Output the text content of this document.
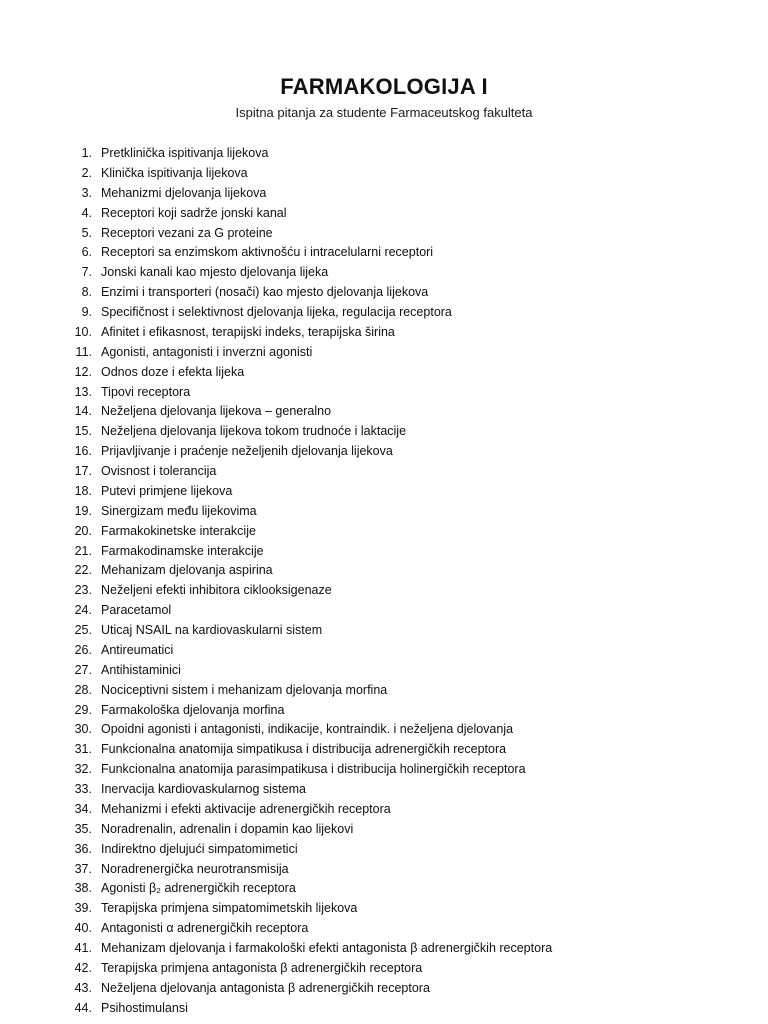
FARMAKOLOGIJA I
Ispitna pitanja za studente Farmaceutskog fakulteta
1. Pretklinička ispitivanja lijekova
2. Klinička ispitivanja lijekova
3. Mehanizmi djelovanja lijekova
4. Receptori koji sadrže jonski kanal
5. Receptori vezani za G proteine
6. Receptori sa enzimskom aktivnošću i intracelularni receptori
7. Jonski kanali kao mjesto djelovanja lijeka
8. Enzimi i transporteri (nosači) kao mjesto djelovanja lijekova
9. Specifičnost i selektivnost djelovanja lijeka, regulacija receptora
10. Afinitet i efikasnost, terapijski indeks, terapijska širina
11. Agonisti, antagonisti i inverzni agonisti
12. Odnos doze i efekta lijeka
13. Tipovi receptora
14. Neželjena djelovanja lijekova – generalno
15. Neželjena djelovanja lijekova tokom trudnoće i laktacije
16. Prijavljivanje i praćenje neželjenih djelovanja lijekova
17. Ovisnost i tolerancija
18. Putevi primjene lijekova
19. Sinergizam među lijekovima
20. Farmakokinetske interakcije
21. Farmakodinamske interakcije
22. Mehanizam djelovanja aspirina
23. Neželjeni efekti inhibitora ciklooksigenaze
24. Paracetamol
25. Uticaj NSAIL na kardiovaskularni sistem
26. Antireumatici
27. Antihistaminici
28. Nociceptivni sistem i mehanizam djelovanja morfina
29. Farmakološka djelovanja morfina
30. Opoidni agonisti i antagonisti, indikacije, kontraindik. i neželjena djelovanja
31. Funkcionalna anatomija simpatikusa i distribucija adrenergičkih receptora
32. Funkcionalna anatomija parasimpatikusa i distribucija holinergičkih receptora
33. Inervacija kardiovaskularnog sistema
34. Mehanizmi i efekti aktivacije adrenergičkih receptora
35. Noradrenalin, adrenalin i dopamin kao lijekovi
36. Indirektno djelujući simpatomimetici
37. Noradrenergička neurotransmisija
38. Agonisti β₂ adrenergičkih receptora
39. Terapijska primjena simpatomimetskih lijekova
40. Antagonisti α adrenergičkih receptora
41. Mehanizam djelovanja i farmakološki efekti antagonista β adrenergičkih receptora
42. Terapijska primjena antagonista β adrenergičkih receptora
43. Neželjena djelovanja antagonista β adrenergičkih receptora
44. Psihostimulansi
